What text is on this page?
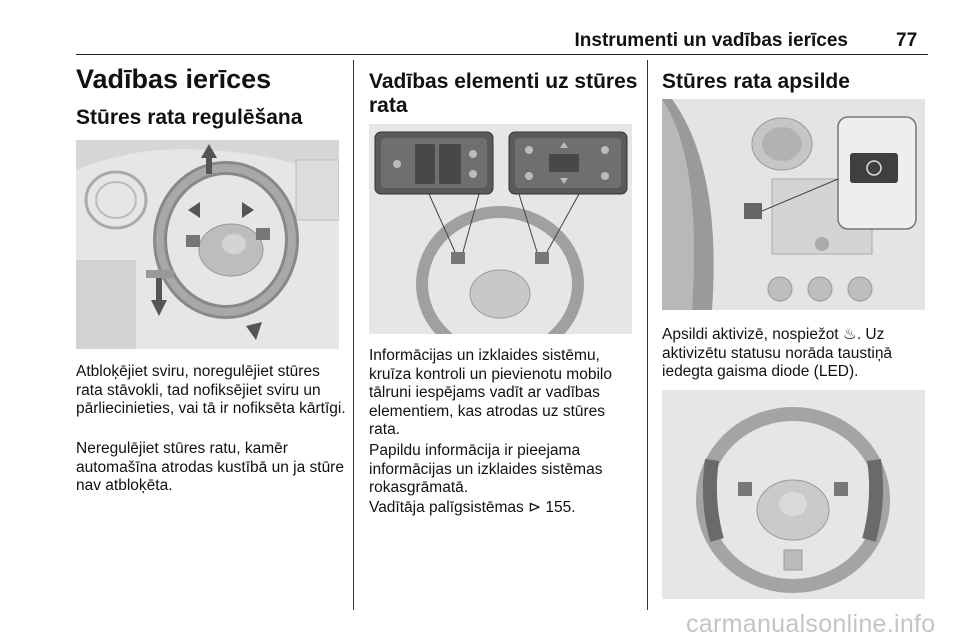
Instrumenti un vadības ierīces	77
Vadības ierīces
Stūres rata regulēšana

Atbloķējiet sviru, noregulējiet stūres rata stāvokli, tad nofiksējiet sviru un pārliecinieties, vai tā ir nofiksēta kārtīgi.

Neregulējiet stūres ratu, kamēr automašīna atrodas kustībā un ja stūre nav atbloķēta.

Vadības elementi uz stūres rata

Informācijas un izklaides sistēmu, kruīza kontroli un pievienotu mobilo tālruni iespējams vadīt ar vadības elementiem, kas atrodas uz stūres rata.

Papildu informācija ir pieejama informācijas un izklaides sistēmas rokasgrāmatā.

Vadītāja palīgsistēmas ⊳ 155.

Stūres rata apsilde

Apsildi aktivizē, nospiežot ♨. Uz aktivizētu statusu norāda taustiņā iedegta gaisma diode (LED).

carmanualsonline.info
